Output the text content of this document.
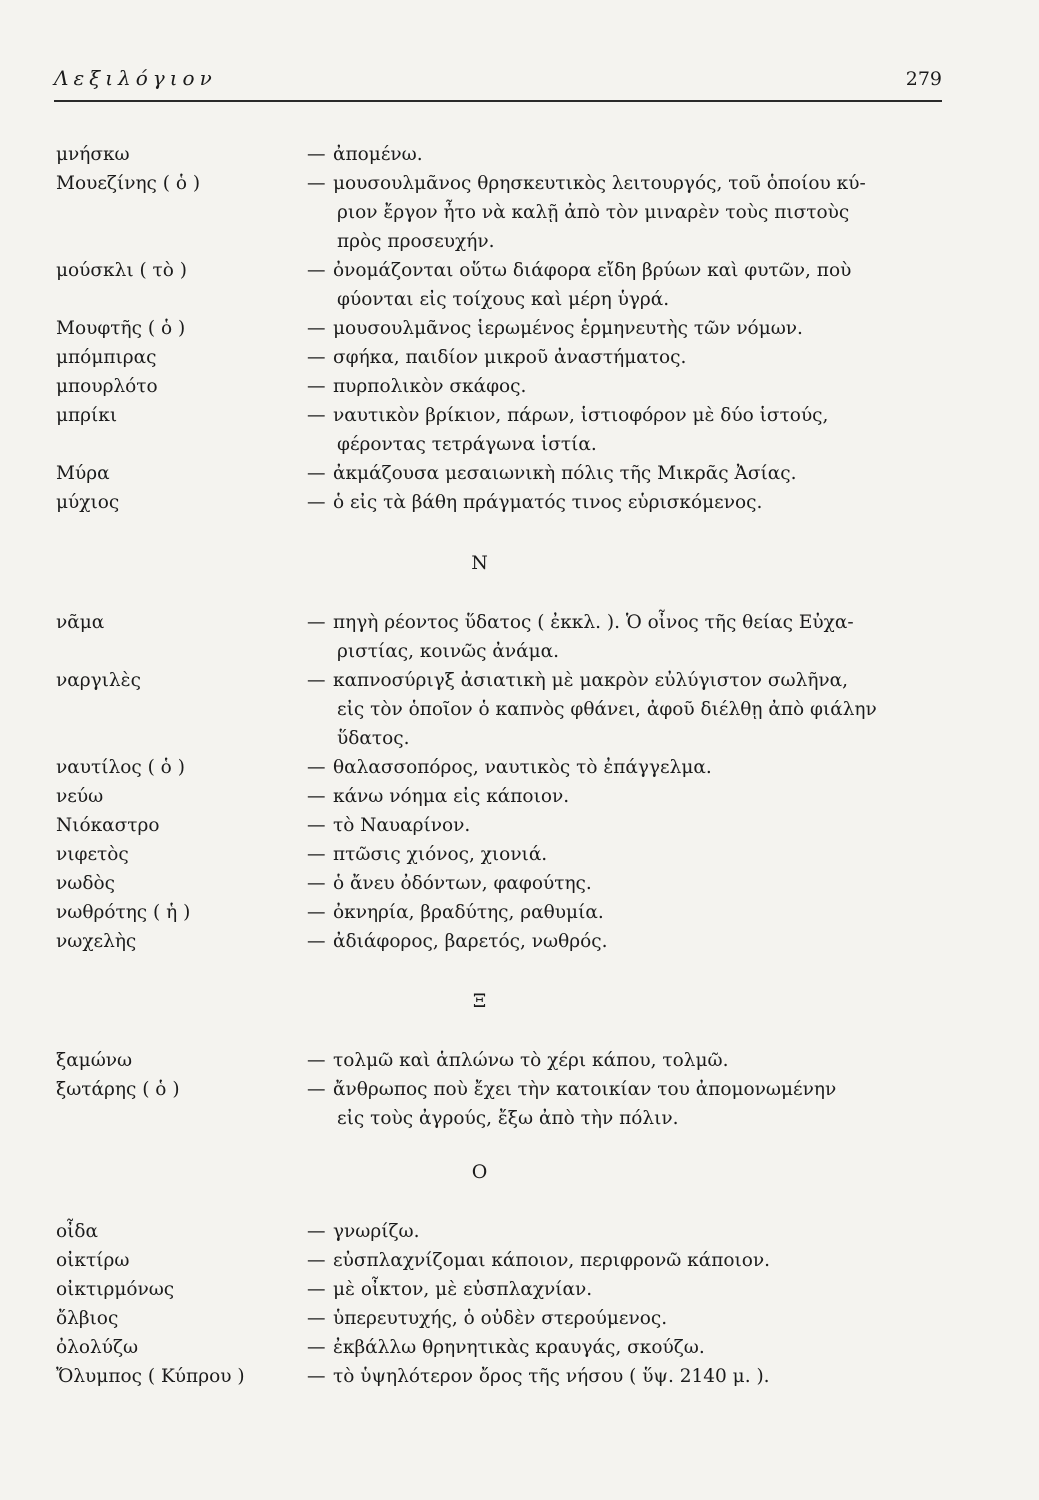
Λεξιλόγιον	279
μνήσκω	— ἀπομένω.
Μουεζίνης ( ὁ )	— μουσουλμᾶνος θρησκευτικὸς λειτουργός, τοῦ ὁποίου κύ-
ριον ἔργον ἦτο νὰ καλῇ ἀπὸ τὸν μιναρὲν τοὺς πιστοὺς
πρὸς προσευχήν.
μούσκλι ( τὸ )	— ὀνομάζονται οὕτω διάφορα εἴδη βρύων καὶ φυτῶν, ποὺ
φύονται εἰς τοίχους καὶ μέρη ὑγρά.
Μουφτῆς ( ὁ )	— μουσουλμᾶνος ἱερωμένος ἑρμηνευτὴς τῶν νόμων.
μπόμπιρας	— σφήκα, παιδίον μικροῦ ἀναστήματος.
μπουρλότο	— πυρπολικὸν σκάφος.
μπρίκι	— ναυτικὸν βρίκιον, πάρων, ἱστιοφόρον μὲ δύο ἱστούς,
φέροντας τετράγωνα ἱστία.
Μύρα	— ἀκμάζουσα μεσαιωνικὴ πόλις τῆς Μικρᾶς Ἀσίας.
μύχιος	— ὁ εἰς τὰ βάθη πράγματός τινος εὑρισκόμενος.
Ν
νᾶμα	— πηγὴ ρέοντος ὕδατος ( ἐκκλ. ). Ὁ οἶνος τῆς θείας Εὐχα-
ριστίας, κοινῶς ἀνάμα.
ναργιλὲς	— καπνοσύριγξ ἀσιατικὴ μὲ μακρὸν εὐλύγιστον σωλῆνα,
εἰς τὸν ὁποῖον ὁ καπνὸς φθάνει, ἀφοῦ διέλθῃ ἀπὸ φιάλην
ὕδατος.
ναυτίλος ( ὁ )	— θαλασσοπόρος, ναυτικὸς τὸ ἐπάγγελμα.
νεύω	— κάνω νόημα εἰς κάποιον.
Νιόκαστρο	— τὸ Ναυαρίνον.
νιφετὸς	— πτῶσις χιόνος, χιονιά.
νωδὸς	— ὁ ἄνευ ὀδόντων, φαφούτης.
νωθρότης ( ἡ )	— ὀκνηρία, βραδύτης, ραθυμία.
νωχελὴς	— ἀδιάφορος, βαρετός, νωθρός.
Ξ
ξαμώνω	— τολμῶ καὶ ἁπλώνω τὸ χέρι κάπου, τολμῶ.
ξωτάρης ( ὁ )	— ἄνθρωπος ποὺ ἔχει τὴν κατοικίαν του ἀπομονωμένην
εἰς τοὺς ἀγρούς, ἔξω ἀπὸ τὴν πόλιν.
Ο
οἶδα	— γνωρίζω.
οἰκτίρω	— εὐσπλαχνίζομαι κάποιον, περιφρονῶ κάποιον.
οἰκτιρμόνως	— μὲ οἶκτον, μὲ εὐσπλαχνίαν.
ὄλβιος	— ὑπερευτυχής, ὁ οὐδὲν στερούμενος.
ὀλολύζω	— ἐκβάλλω θρηνητικὰς κραυγάς, σκούζω.
Ὄλυμπος ( Κύπρου )	— τὸ ὑψηλότερον ὄρος τῆς νήσου ( ὕψ. 2140 μ. ).
